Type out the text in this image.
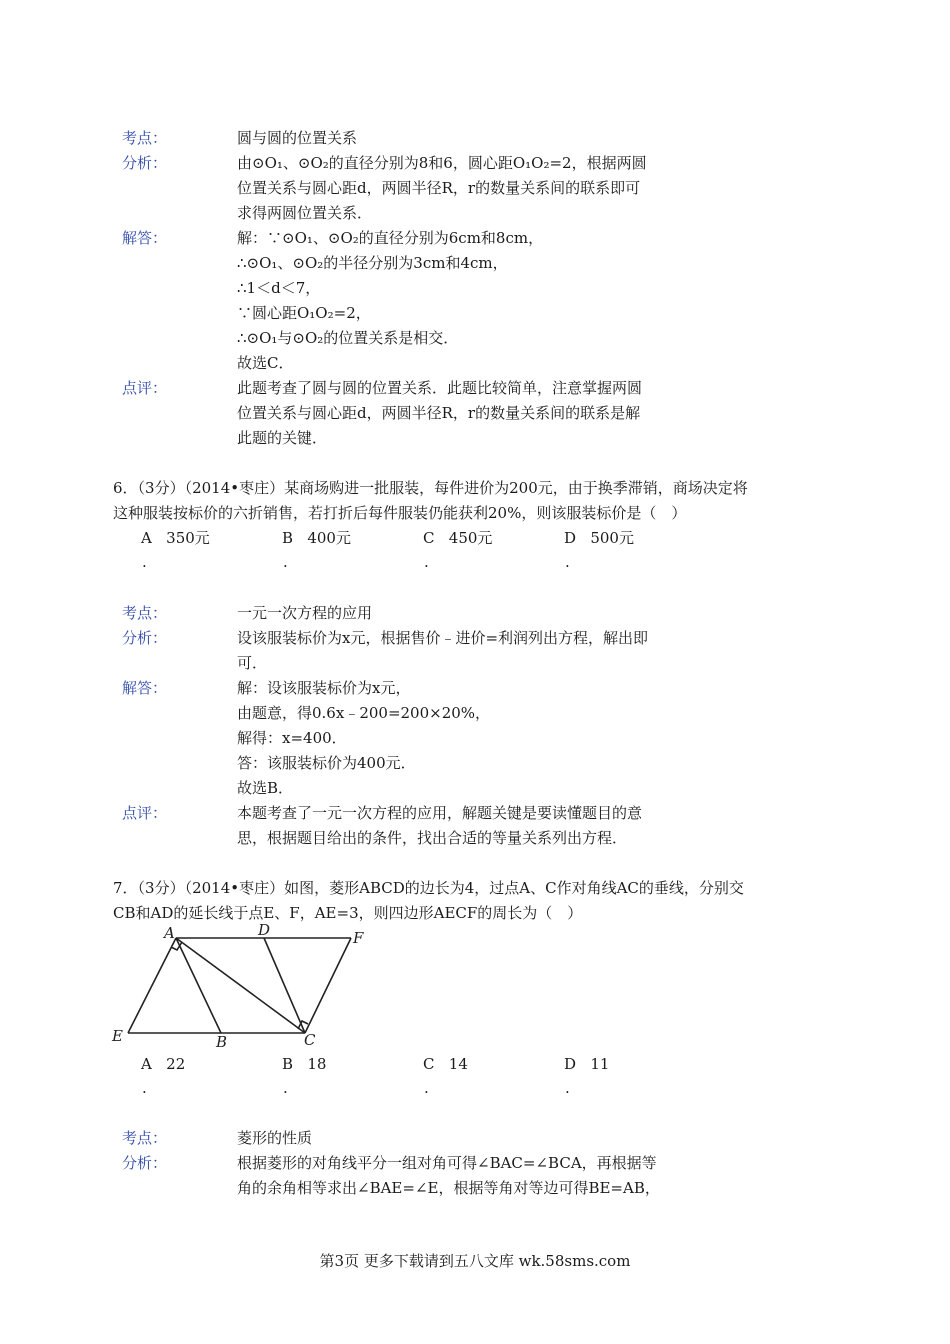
考点：	圆与圆的位置关系
分析：	由⊙O₁、⊙O₂的直径分别为8和6，圆心距O₁O₂=2，根据两圆
位置关系与圆心距d，两圆半径R，r的数量关系间的联系即可
求得两圆位置关系．
解答：	解：∵⊙O₁、⊙O₂的直径分别为6cm和8cm，
∴⊙O₁、⊙O₂的半径分别为3cm和4cm，
∴1＜d＜7，
∵圆心距O₁O₂=2，
∴⊙O₁与⊙O₂的位置关系是相交．
故选C．
点评：	此题考查了圆与圆的位置关系．此题比较简单，注意掌握两圆
位置关系与圆心距d，两圆半径R，r的数量关系间的联系是解
此题的关键．
6．（3分）（2014•枣庄）某商场购进一批服装，每件进价为200元，由于换季滞销，商场决定将
这种服装按标价的六折销售，若打折后每件服装仍能获利20%，则该服装标价是（　）
A 350元	B 400元	C 450元	D 500元
.	.	.	.
考点：	一元一次方程的应用
分析：	设该服装标价为x元，根据售价﹣进价=利润列出方程，解出即
可．
解答：	解：设该服装标价为x元，
由题意，得0.6x﹣200=200×20%，
解得：x=400．
答：该服装标价为400元．
故选B．
点评：	本题考查了一元一次方程的应用，解题关键是要读懂题目的意
思，根据题目给出的条件，找出合适的等量关系列出方程．
7．（3分）（2014•枣庄）如图，菱形ABCD的边长为4，过点A、C作对角线AC的垂线，分别交
CB和AD的延长线于点E、F，AE=3，则四边形AECF的周长为（　）
A	D	F
E	B	C
A 22	B 18	C 14	D 11
.	.	.	.
考点：	菱形的性质
分析：	根据菱形的对角线平分一组对角可得∠BAC=∠BCA，再根据等
角的余角相等求出∠BAE=∠E，根据等角对等边可得BE=AB，
第3页 更多下载请到五八文库 wk.58sms.com
